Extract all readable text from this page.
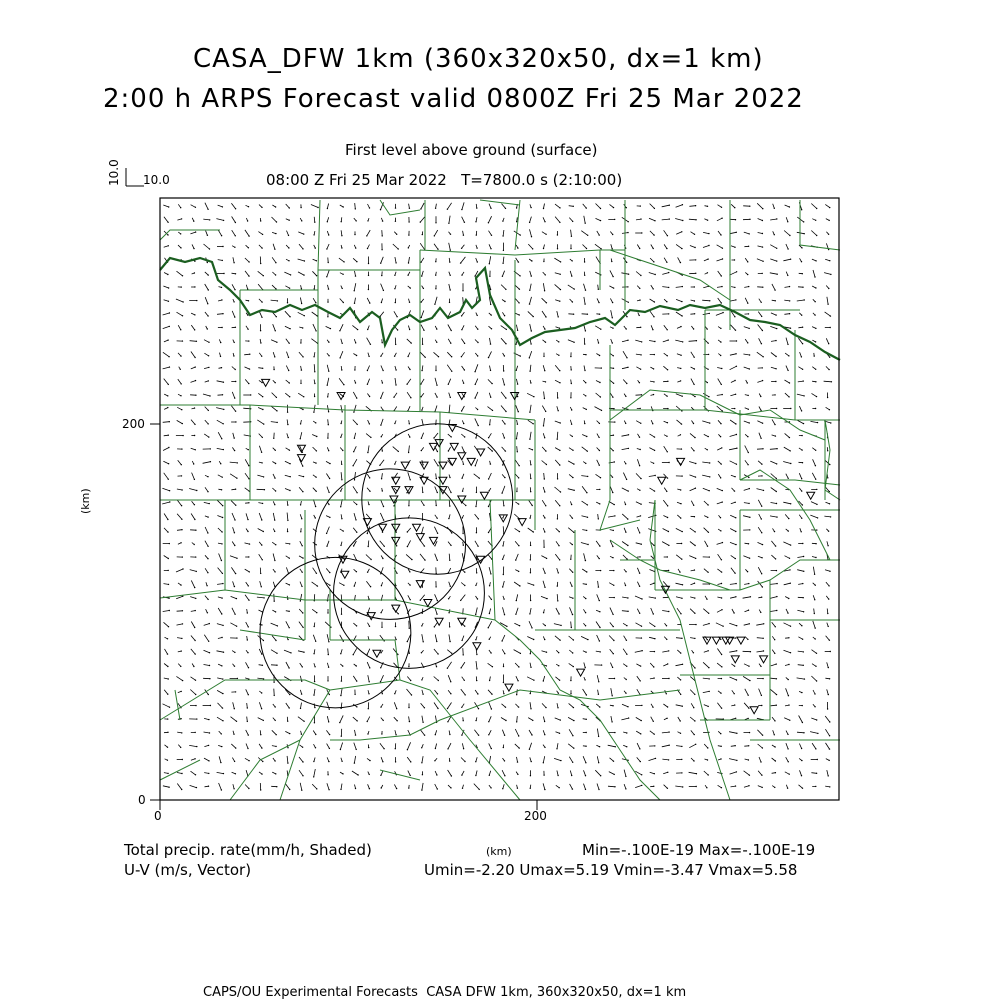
CASA_DFW 1km (360x320x50, dx=1 km)
2:00 h ARPS Forecast valid 0800Z Fri 25 Mar 2022
First level above ground (surface)
08:00 Z Fri 25 Mar 2022   T=7800.0 s (2:10:00)
10.0
10.0
0	200
0
200
(km)
(km)
Total precip. rate(mm/h, Shaded)
U-V (m/s, Vector)
Min=-.100E-19 Max=-.100E-19
Umin=-2.20 Umax=5.19 Vmin=-3.47 Vmax=5.58
CAPS/OU Experimental Forecasts  CASA DFW 1km, 360x320x50, dx=1 km
